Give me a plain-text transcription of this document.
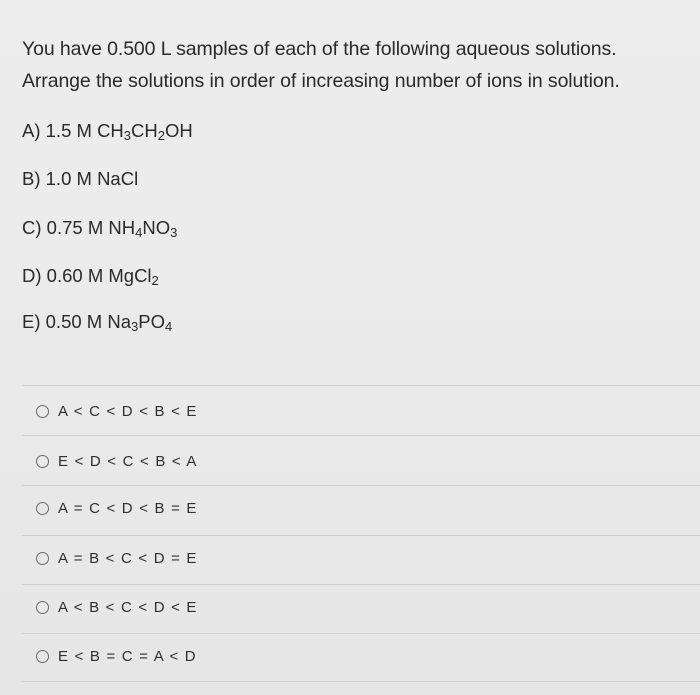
You have 0.500 L samples of each of the following aqueous solutions.
Arrange the solutions in order of increasing number of ions in solution.
A) 1.5 M $CH_3CH_2OH$
B) 1.0 M NaCl
C) 0.75 M $NH_4NO_3$
D) 0.60 M MgCl$_2$
E) 0.50 M $Na_3PO_4$
A < C < D < B < E
E < D < C < B < A
A = C < D < B = E
A = B < C < D = E
A < B < C < D < E
E < B = C = A < D
